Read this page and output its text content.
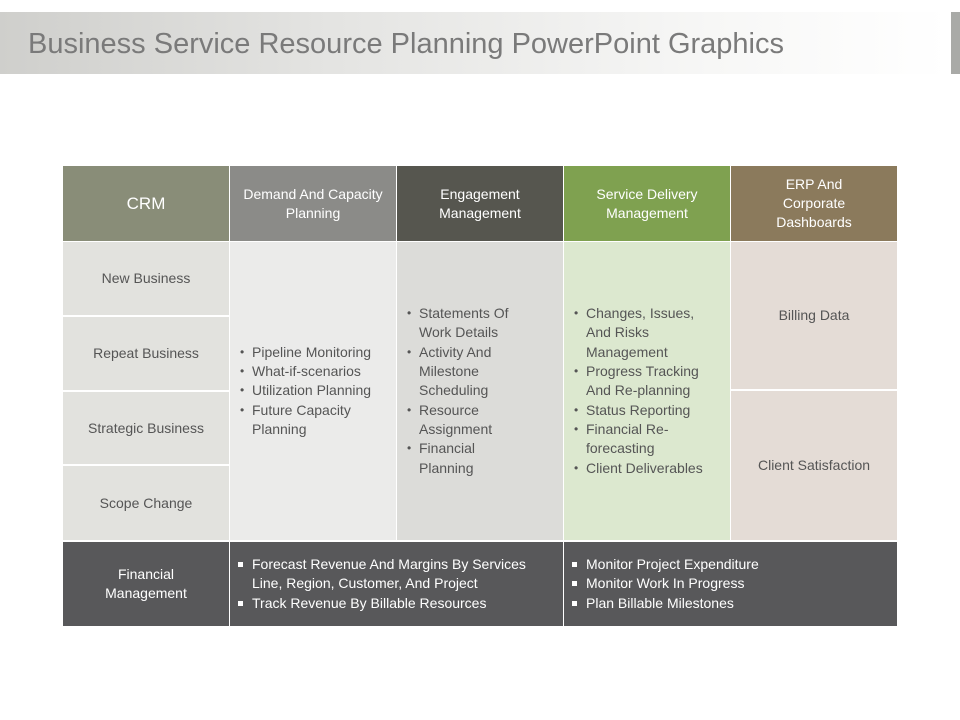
Business Service Resource Planning PowerPoint Graphics
CRM
Demand And Capacity Planning
Engagement Management
Service Delivery Management
ERP And Corporate Dashboards
New Business
Repeat Business
Strategic Business
Scope Change
• Pipeline Monitoring
• What-if-scenarios
• Utilization Planning
• Future Capacity Planning
• Statements Of Work Details
• Activity And Milestone Scheduling
• Resource Assignment
• Financial Planning
• Changes, Issues, And Risks Management
• Progress Tracking And Re-planning
• Status Reporting
• Financial Re-forecasting
• Client Deliverables
Billing Data
Client Satisfaction
Financial Management
Forecast Revenue And Margins By Services Line, Region, Customer, And Project
Track Revenue By Billable Resources
Monitor Project Expenditure
Monitor Work In Progress
Plan Billable Milestones
